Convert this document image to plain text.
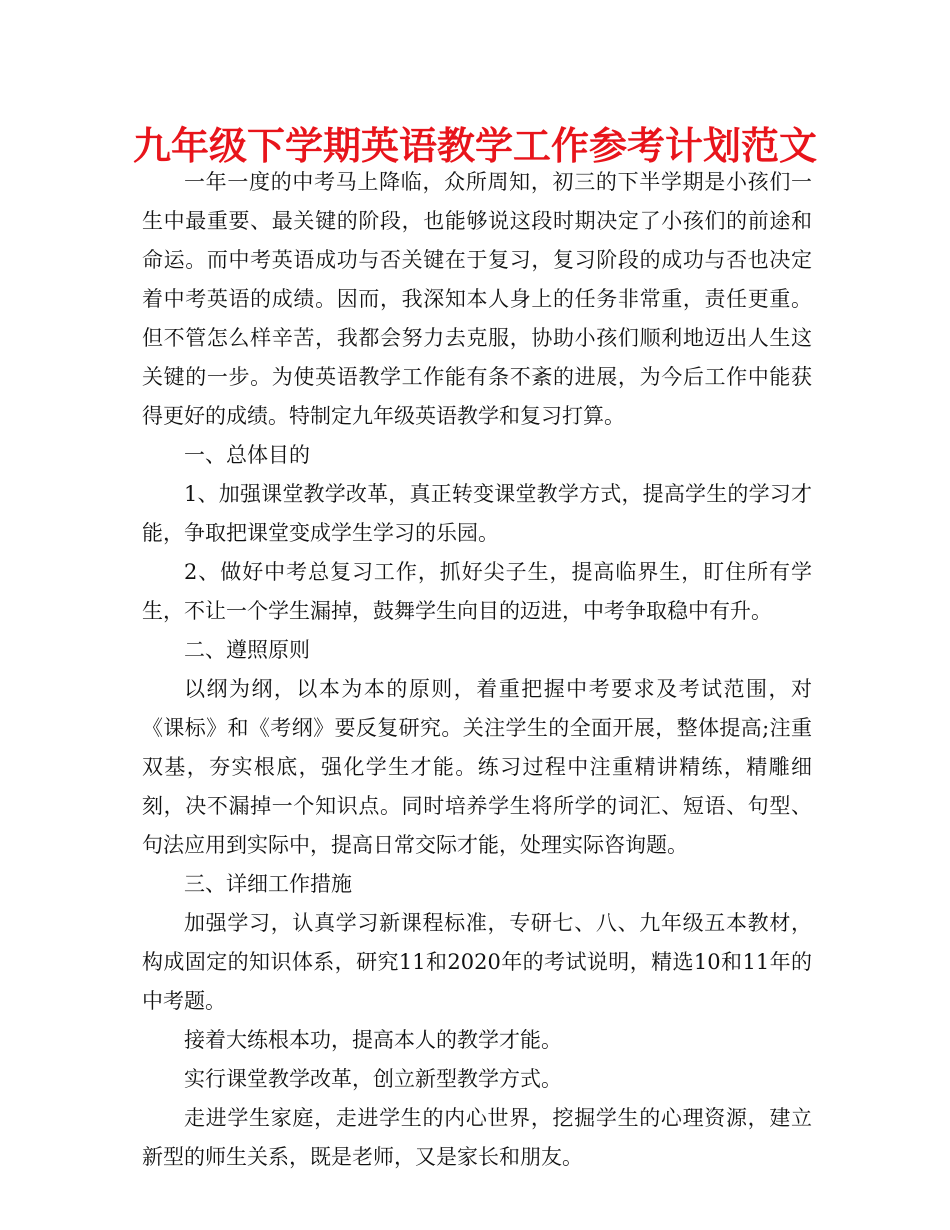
九年级下学期英语教学工作参考计划范文

一年一度的中考马上降临，众所周知，初三的下半学期是小孩们一生中最重要、最关键的阶段，也能够说这段时期决定了小孩们的前途和命运。而中考英语成功与否关键在于复习，复习阶段的成功与否也决定着中考英语的成绩。因而，我深知本人身上的任务非常重，责任更重。但不管怎么样辛苦，我都会努力去克服，协助小孩们顺利地迈出人生这关键的一步。为使英语教学工作能有条不紊的进展，为今后工作中能获得更好的成绩。特制定九年级英语教学和复习打算。

一、总体目的

1、加强课堂教学改革，真正转变课堂教学方式，提高学生的学习才能，争取把课堂变成学生学习的乐园。

2、做好中考总复习工作，抓好尖子生，提高临界生，盯住所有学生，不让一个学生漏掉，鼓舞学生向目的迈进，中考争取稳中有升。

二、遵照原则

以纲为纲，以本为本的原则，着重把握中考要求及考试范围，对《课标》和《考纲》要反复研究。关注学生的全面开展，整体提高;注重双基，夯实根底，强化学生才能。练习过程中注重精讲精练，精雕细刻，决不漏掉一个知识点。同时培养学生将所学的词汇、短语、句型、句法应用到实际中，提高日常交际才能，处理实际咨询题。

三、详细工作措施

加强学习，认真学习新课程标准，专研七、八、九年级五本教材，构成固定的知识体系，研究11和2020年的考试说明，精选10和11年的中考题。

接着大练根本功，提高本人的教学才能。

实行课堂教学改革，创立新型教学方式。

走进学生家庭，走进学生的内心世界，挖掘学生的心理资源，建立新型的师生关系，既是老师，又是家长和朋友。
